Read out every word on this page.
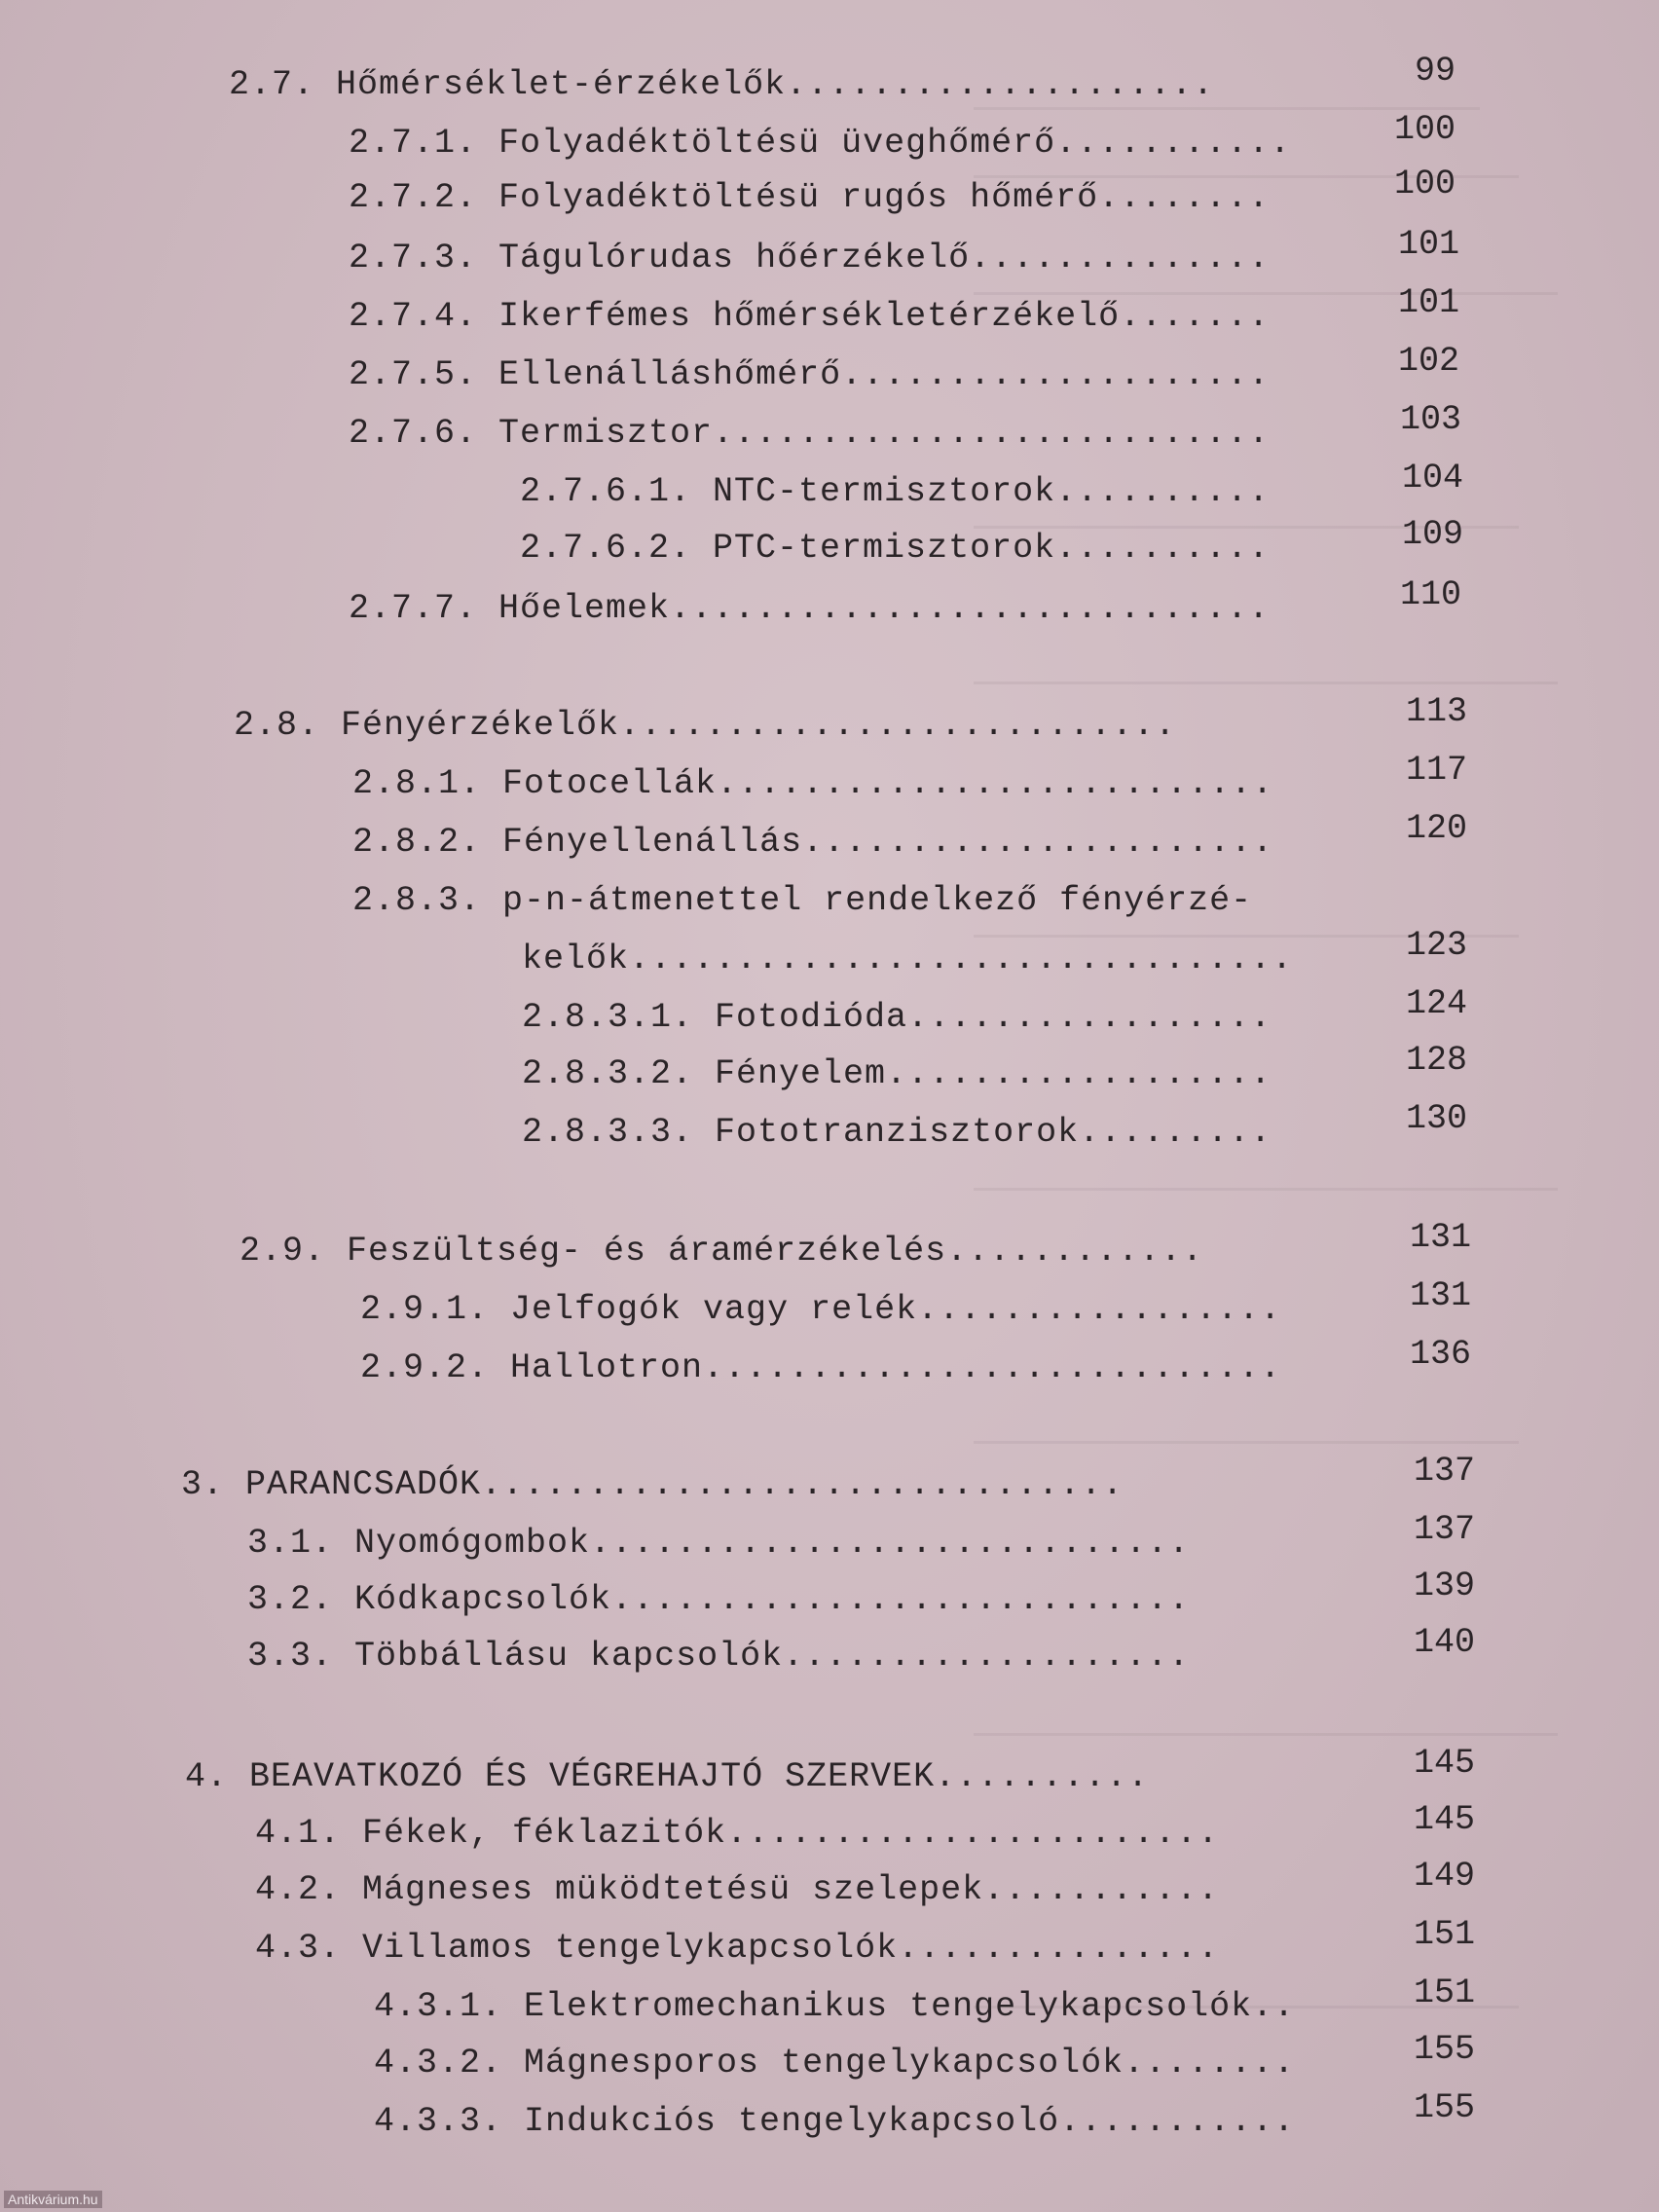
2.7. Hőmérséklet-érzékelők....................	99
2.7.1. Folyadéktöltésü üveghőmérő...........	100
2.7.2. Folyadéktöltésü rugós hőmérő........	100
2.7.3. Tágulórudas hőérzékelő..............	101
2.7.4. Ikerfémes hőmérsékletérzékelő.......	101
2.7.5. Ellenálláshőmérő....................	102
2.7.6. Termisztor..........................	103
2.7.6.1. NTC-termisztorok..........	104
2.7.6.2. PTC-termisztorok..........	109
2.7.7. Hőelemek............................	110
2.8. Fényérzékelők..........................	113
2.8.1. Fotocellák..........................	117
2.8.2. Fényellenállás......................	120
2.8.3. p-n-átmenettel rendelkező fényérzé-
kelők...............................	123
2.8.3.1. Fotodióda.................	124
2.8.3.2. Fényelem..................	128
2.8.3.3. Fototranzisztorok.........	130
2.9. Feszültség- és áramérzékelés............	131
2.9.1. Jelfogók vagy relék.................	131
2.9.2. Hallotron...........................	136
3. PARANCSADÓK..............................	137
3.1. Nyomógombok............................	137
3.2. Kódkapcsolók...........................	139
3.3. Többállásu kapcsolók...................	140
4. BEAVATKOZÓ ÉS VÉGREHAJTÓ SZERVEK..........	145
4.1. Fékek, féklazitók.......................	145
4.2. Mágneses müködtetésü szelepek...........	149
4.3. Villamos tengelykapcsolók...............	151
4.3.1. Elektromechanikus tengelykapcsolók..	151
4.3.2. Mágnesporos tengelykapcsolók........	155
4.3.3. Indukciós tengelykapcsoló...........	155
Antikvárium.hu
